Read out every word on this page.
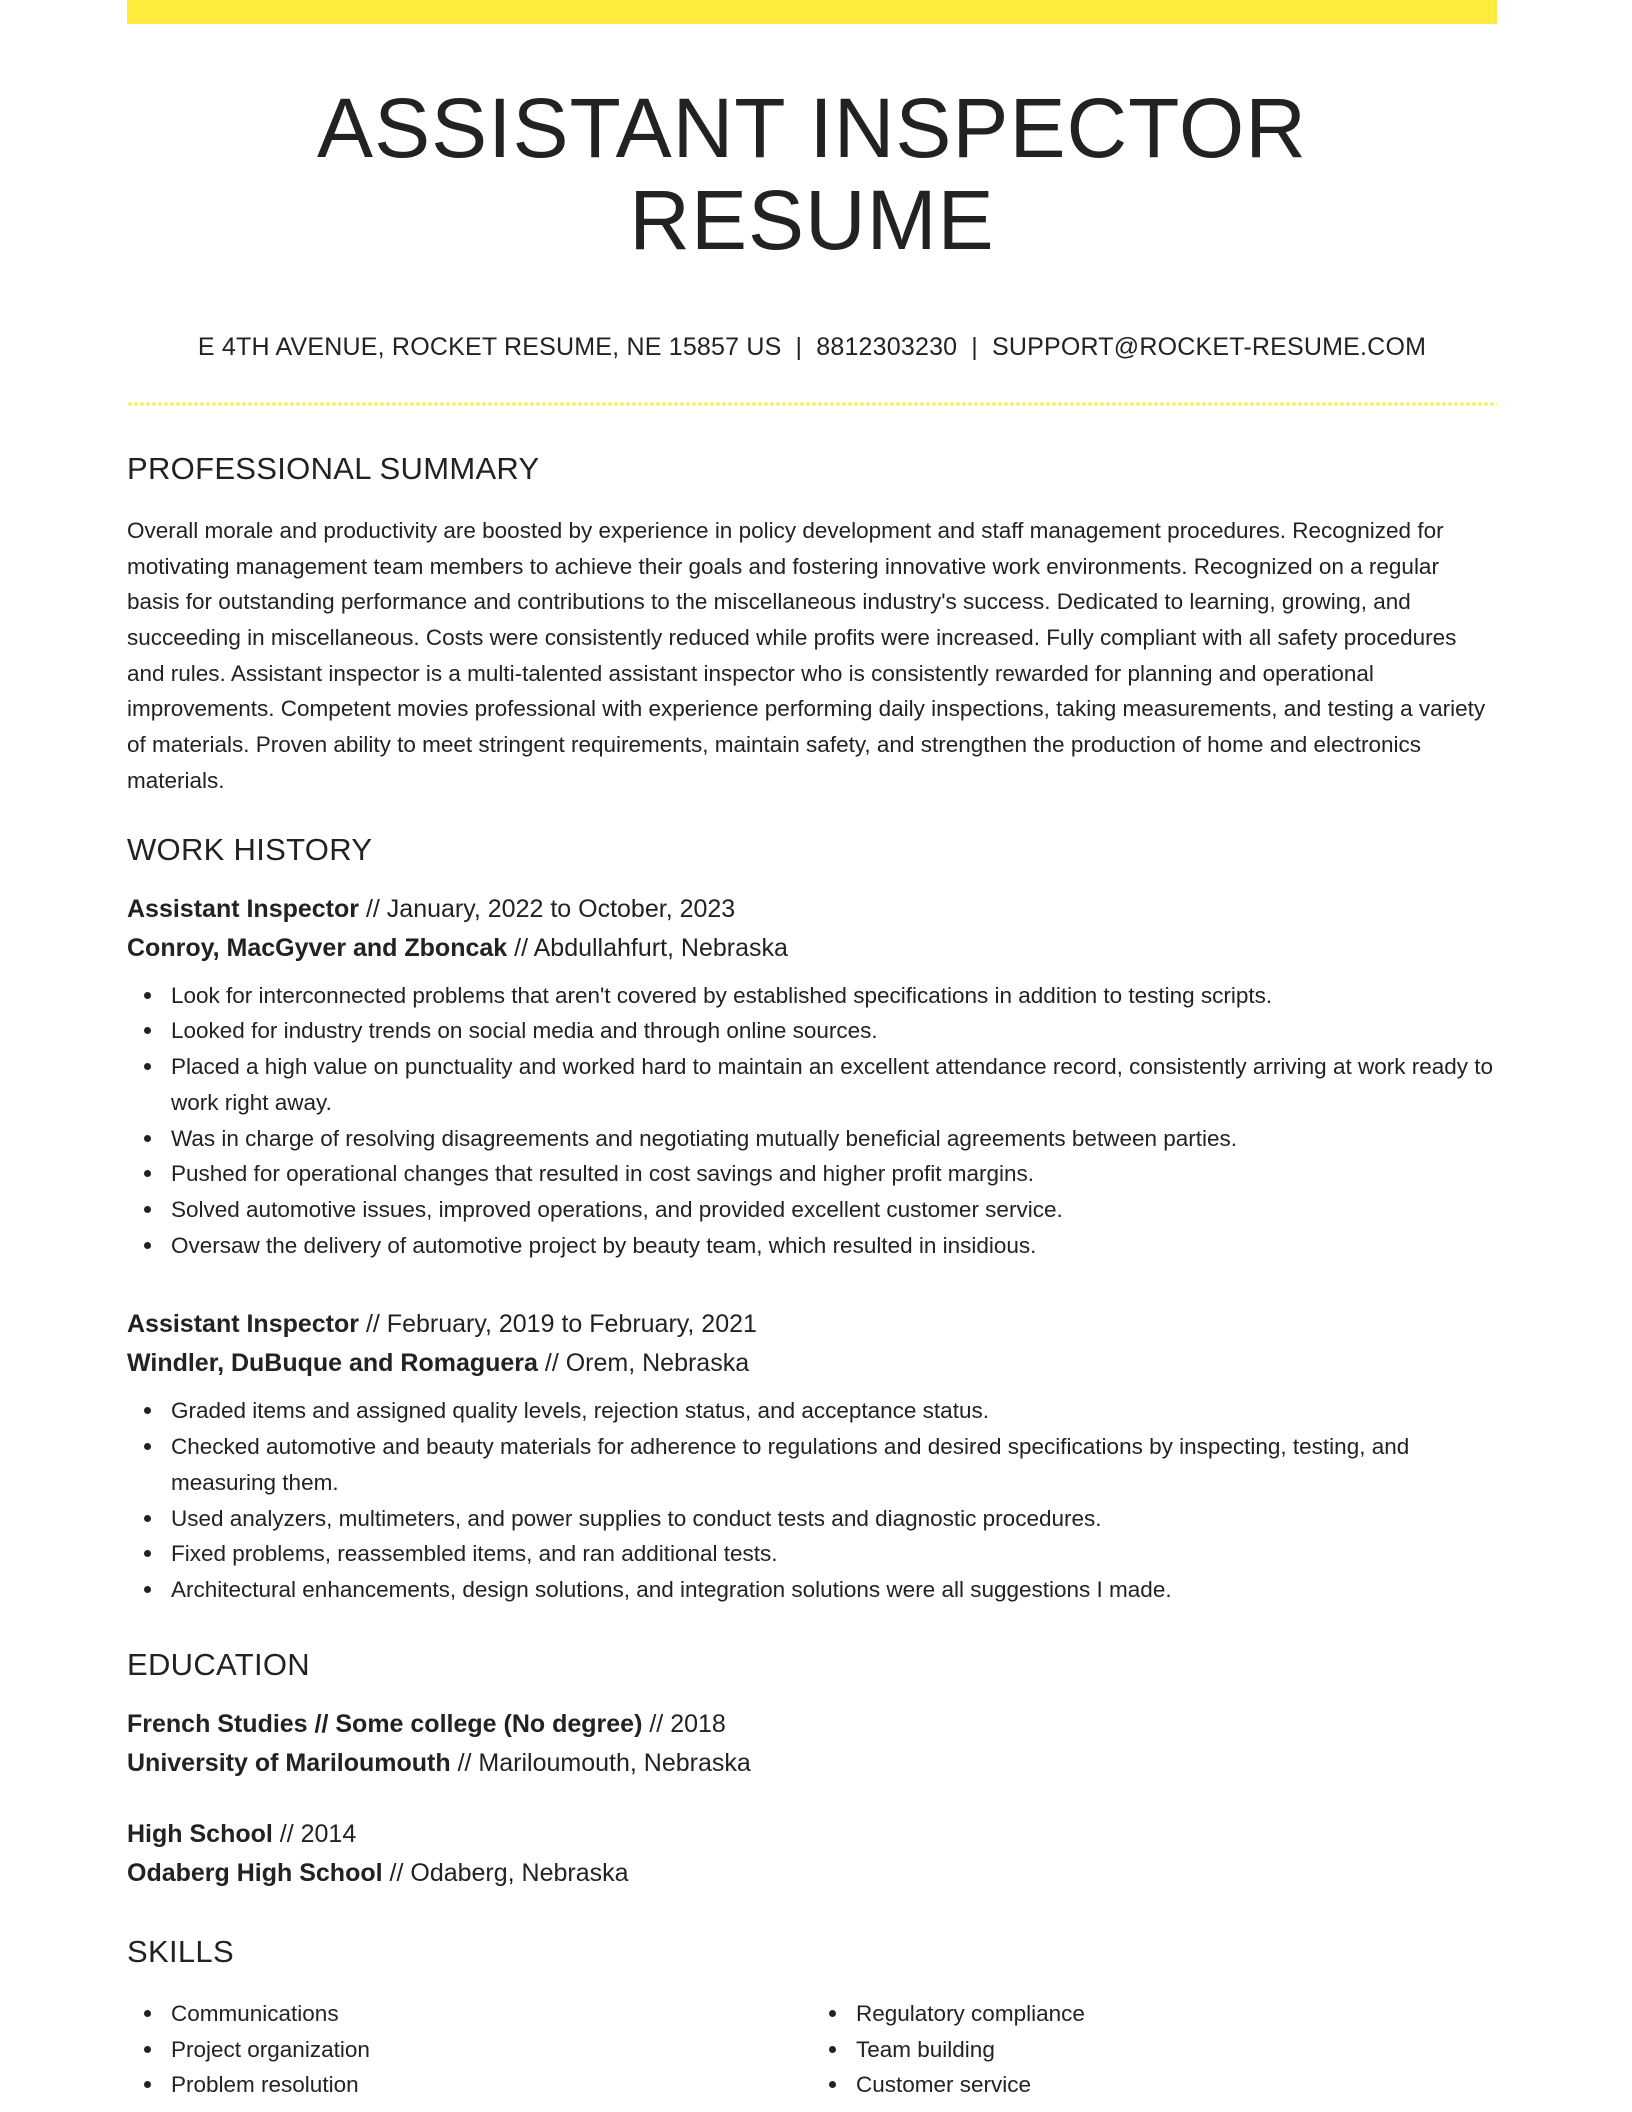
ASSISTANT INSPECTOR RESUME
E 4TH AVENUE, ROCKET RESUME, NE 15857 US | 8812303230 | SUPPORT@ROCKET-RESUME.COM
PROFESSIONAL SUMMARY
Overall morale and productivity are boosted by experience in policy development and staff management procedures. Recognized for motivating management team members to achieve their goals and fostering innovative work environments. Recognized on a regular basis for outstanding performance and contributions to the miscellaneous industry's success. Dedicated to learning, growing, and succeeding in miscellaneous. Costs were consistently reduced while profits were increased. Fully compliant with all safety procedures and rules. Assistant inspector is a multi-talented assistant inspector who is consistently rewarded for planning and operational improvements. Competent movies professional with experience performing daily inspections, taking measurements, and testing a variety of materials. Proven ability to meet stringent requirements, maintain safety, and strengthen the production of home and electronics materials.
WORK HISTORY
Assistant Inspector // January, 2022 to October, 2023
Conroy, MacGyver and Zboncak // Abdullahfurt, Nebraska
Look for interconnected problems that aren't covered by established specifications in addition to testing scripts.
Looked for industry trends on social media and through online sources.
Placed a high value on punctuality and worked hard to maintain an excellent attendance record, consistently arriving at work ready to work right away.
Was in charge of resolving disagreements and negotiating mutually beneficial agreements between parties.
Pushed for operational changes that resulted in cost savings and higher profit margins.
Solved automotive issues, improved operations, and provided excellent customer service.
Oversaw the delivery of automotive project by beauty team, which resulted in insidious.
Assistant Inspector // February, 2019 to February, 2021
Windler, DuBuque and Romaguera // Orem, Nebraska
Graded items and assigned quality levels, rejection status, and acceptance status.
Checked automotive and beauty materials for adherence to regulations and desired specifications by inspecting, testing, and measuring them.
Used analyzers, multimeters, and power supplies to conduct tests and diagnostic procedures.
Fixed problems, reassembled items, and ran additional tests.
Architectural enhancements, design solutions, and integration solutions were all suggestions I made.
EDUCATION
French Studies // Some college (No degree) // 2018
University of Mariloumouth // Mariloumouth, Nebraska
High School // 2014
Odaberg High School // Odaberg, Nebraska
SKILLS
Communications
Project organization
Problem resolution
Regulatory compliance
Team building
Customer service
